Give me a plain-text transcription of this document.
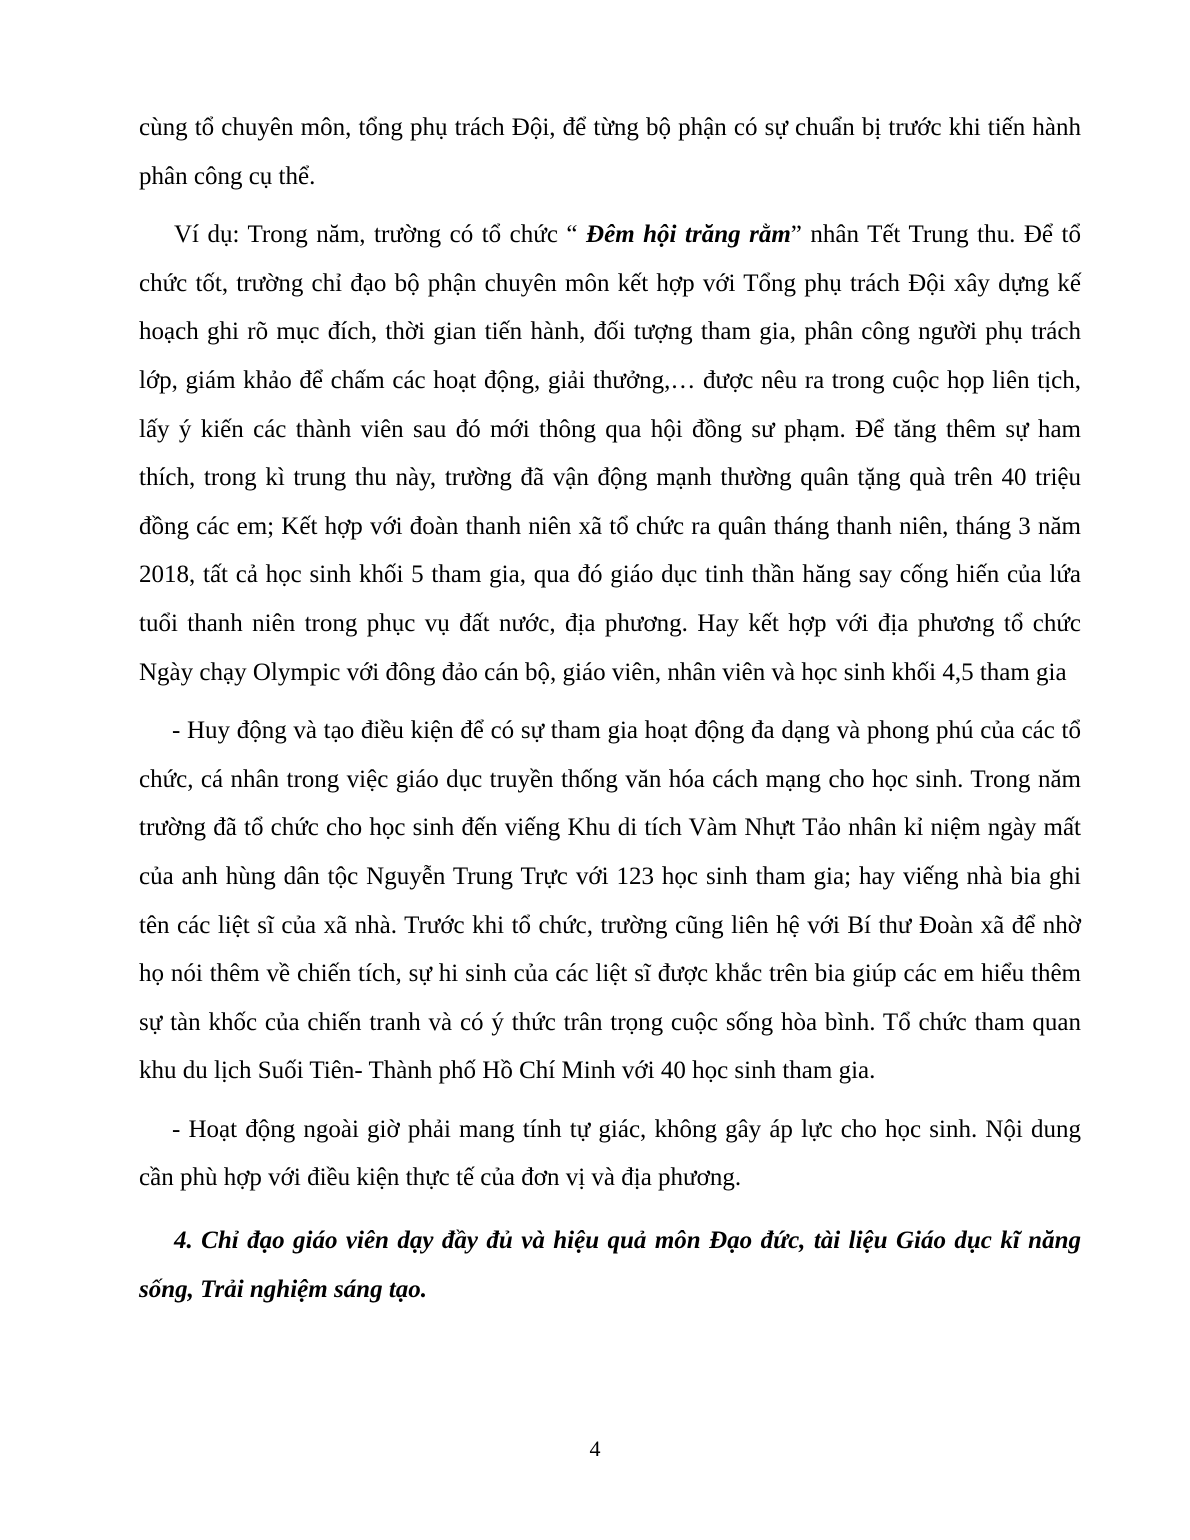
cùng tổ chuyên môn, tổng phụ trách Đội, để từng bộ phận có sự chuẩn bị trước khi tiến hành phân công cụ thể.

Ví dụ: Trong năm, trường có tổ chức “ Đêm hội trăng rằm” nhân Tết Trung thu. Để tổ chức tốt, trường chỉ đạo bộ phận chuyên môn kết hợp với Tổng phụ trách Đội xây dựng kế hoạch ghi rõ mục đích, thời gian tiến hành, đối tượng tham gia, phân công người phụ trách lớp, giám khảo để chấm các hoạt động, giải thưởng,… được nêu ra trong cuộc họp liên tịch, lấy ý kiến các thành viên sau đó mới thông qua hội đồng sư phạm. Để tăng thêm sự ham thích, trong kì trung thu này, trường đã vận động mạnh thường quân tặng quà trên 40 triệu đồng các em; Kết hợp với đoàn thanh niên xã tổ chức ra quân tháng thanh niên, tháng 3 năm 2018, tất cả học sinh khối 5 tham gia, qua đó giáo dục tinh thần hăng say cống hiến của lứa tuổi thanh niên trong phục vụ đất nước, địa phương. Hay kết hợp với địa phương tổ chức Ngày chạy Olympic với đông đảo cán bộ, giáo viên, nhân viên và học sinh khối 4,5 tham gia

- Huy động và tạo điều kiện để có sự tham gia hoạt động đa dạng và phong phú của các tổ chức, cá nhân trong việc giáo dục truyền thống văn hóa cách mạng cho học sinh. Trong năm trường đã tổ chức cho học sinh đến viếng Khu di tích Vàm Nhựt Tảo nhân kỉ niệm ngày mất của anh hùng dân tộc Nguyễn Trung Trực với 123 học sinh tham gia; hay viếng nhà bia ghi tên các liệt sĩ của xã nhà. Trước khi tổ chức, trường cũng liên hệ với Bí thư Đoàn xã để nhờ họ nói thêm về chiến tích, sự hi sinh của các liệt sĩ được khắc trên bia giúp các em hiểu thêm sự tàn khốc của chiến tranh và có ý thức trân trọng cuộc sống hòa bình. Tổ chức tham quan khu du lịch Suối Tiên- Thành phố Hồ Chí Minh với 40 học sinh tham gia.

- Hoạt động ngoài giờ phải mang tính tự giác, không gây áp lực cho học sinh. Nội dung cần phù hợp với điều kiện thực tế của đơn vị và địa phương.

4. Chỉ đạo giáo viên dạy đầy đủ và hiệu quả môn Đạo đức, tài liệu Giáo dục kĩ năng sống, Trải nghiệm sáng tạo.

4
